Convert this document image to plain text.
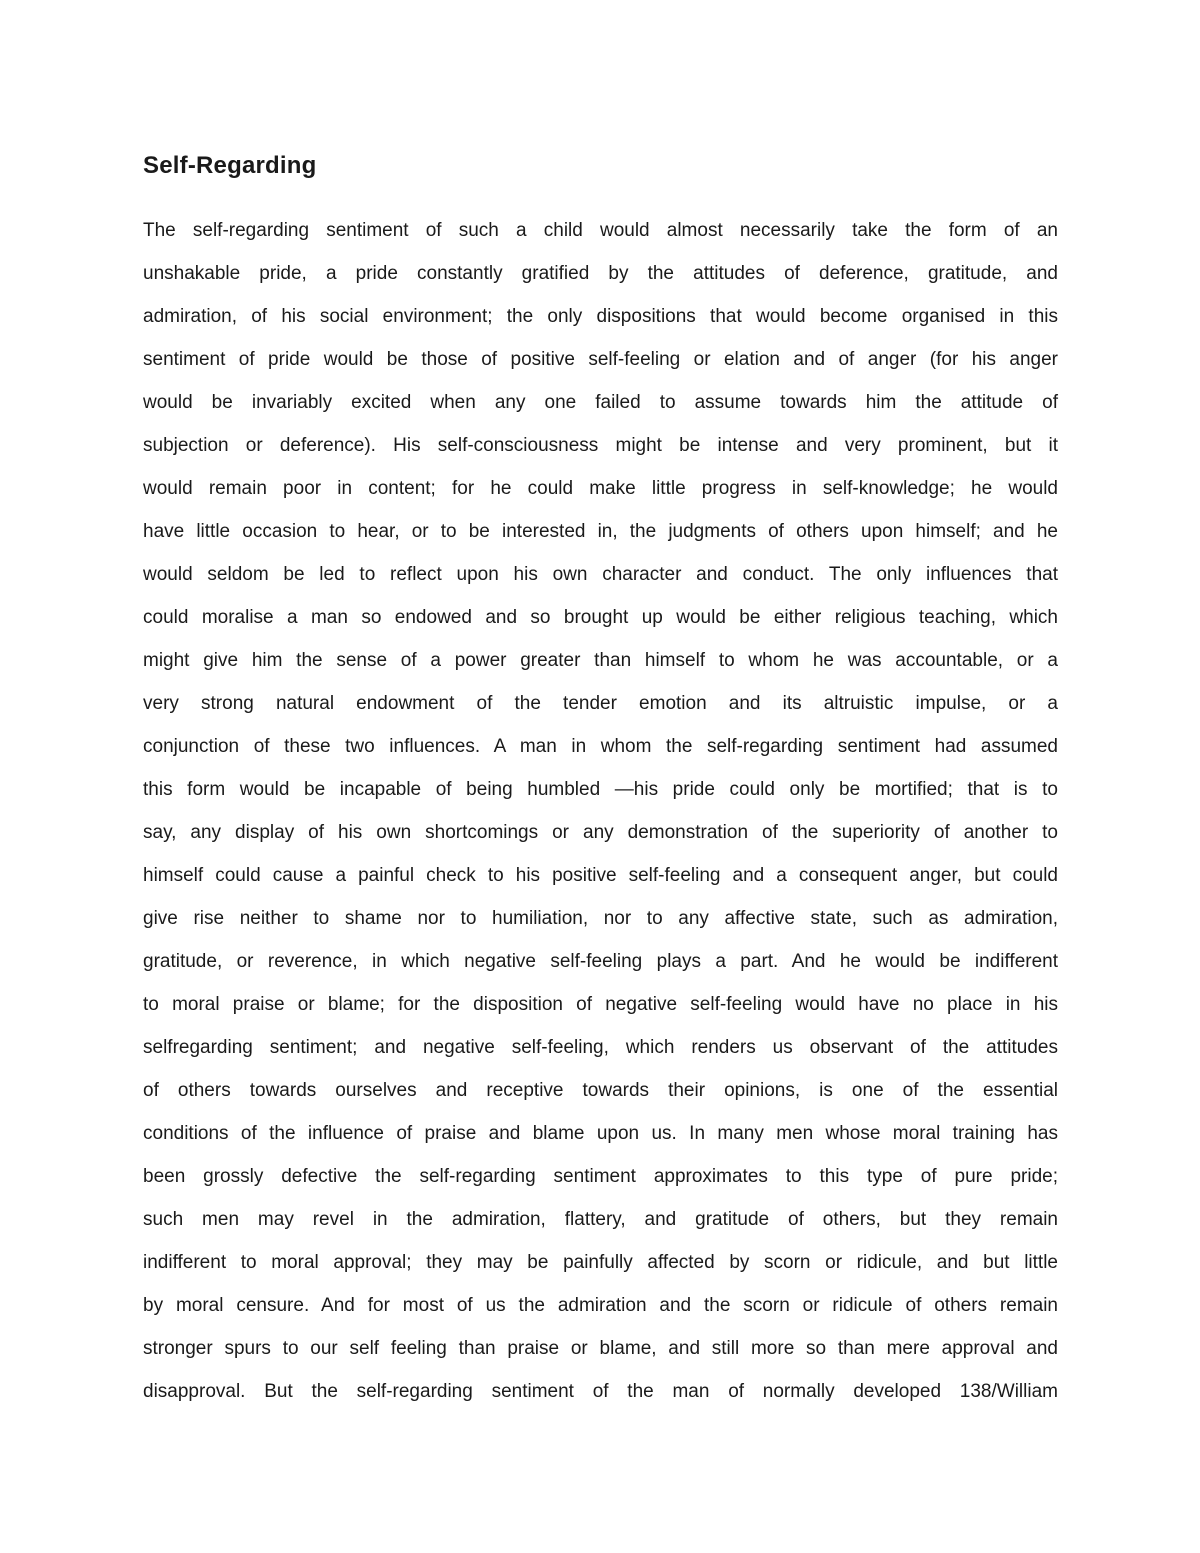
Self-Regarding
The self-regarding sentiment of such a child would almost necessarily take the form of an
unshakable pride, a pride constantly gratified by the attitudes of deference, gratitude, and
admiration, of his social environment; the only dispositions that would become organised in this
sentiment of pride would be those of positive self-feeling or elation and of anger (for his anger
would be invariably excited when any one failed to assume towards him the attitude of
subjection or deference). His self-consciousness might be intense and very prominent, but it
would remain poor in content; for he could make little progress in self-knowledge; he would
have little occasion to hear, or to be interested in, the judgments of others upon himself; and he
would seldom be led to reflect upon his own character and conduct. The only influences that
could moralise a man so endowed and so brought up would be either religious teaching, which
might give him the sense of a power greater than himself to whom he was accountable, or a
very strong natural endowment of the tender emotion and its altruistic impulse, or a
conjunction of these two influences. A man in whom the self-regarding sentiment had assumed
this form would be incapable of being humbled —his pride could only be mortified; that is to
say, any display of his own shortcomings or any demonstration of the superiority of another to
himself could cause a painful check to his positive self-feeling and a consequent anger, but could
give rise neither to shame nor to humiliation, nor to any affective state, such as admiration,
gratitude, or reverence, in which negative self-feeling plays a part. And he would be indifferent
to moral praise or blame; for the disposition of negative self-feeling would have no place in his
selfregarding sentiment; and negative self-feeling, which renders us observant of the attitudes
of others towards ourselves and receptive towards their opinions, is one of the essential
conditions of the influence of praise and blame upon us. In many men whose moral training has
been grossly defective the self-regarding sentiment approximates to this type of pure pride;
such men may revel in the admiration, flattery, and gratitude of others, but they remain
indifferent to moral approval; they may be painfully affected by scorn or ridicule, and but little
by moral censure. And for most of us the admiration and the scorn or ridicule of others remain
stronger spurs to our self feeling than praise or blame, and still more so than mere approval and
disapproval. But the self-regarding sentiment of the man of normally developed 138/William
